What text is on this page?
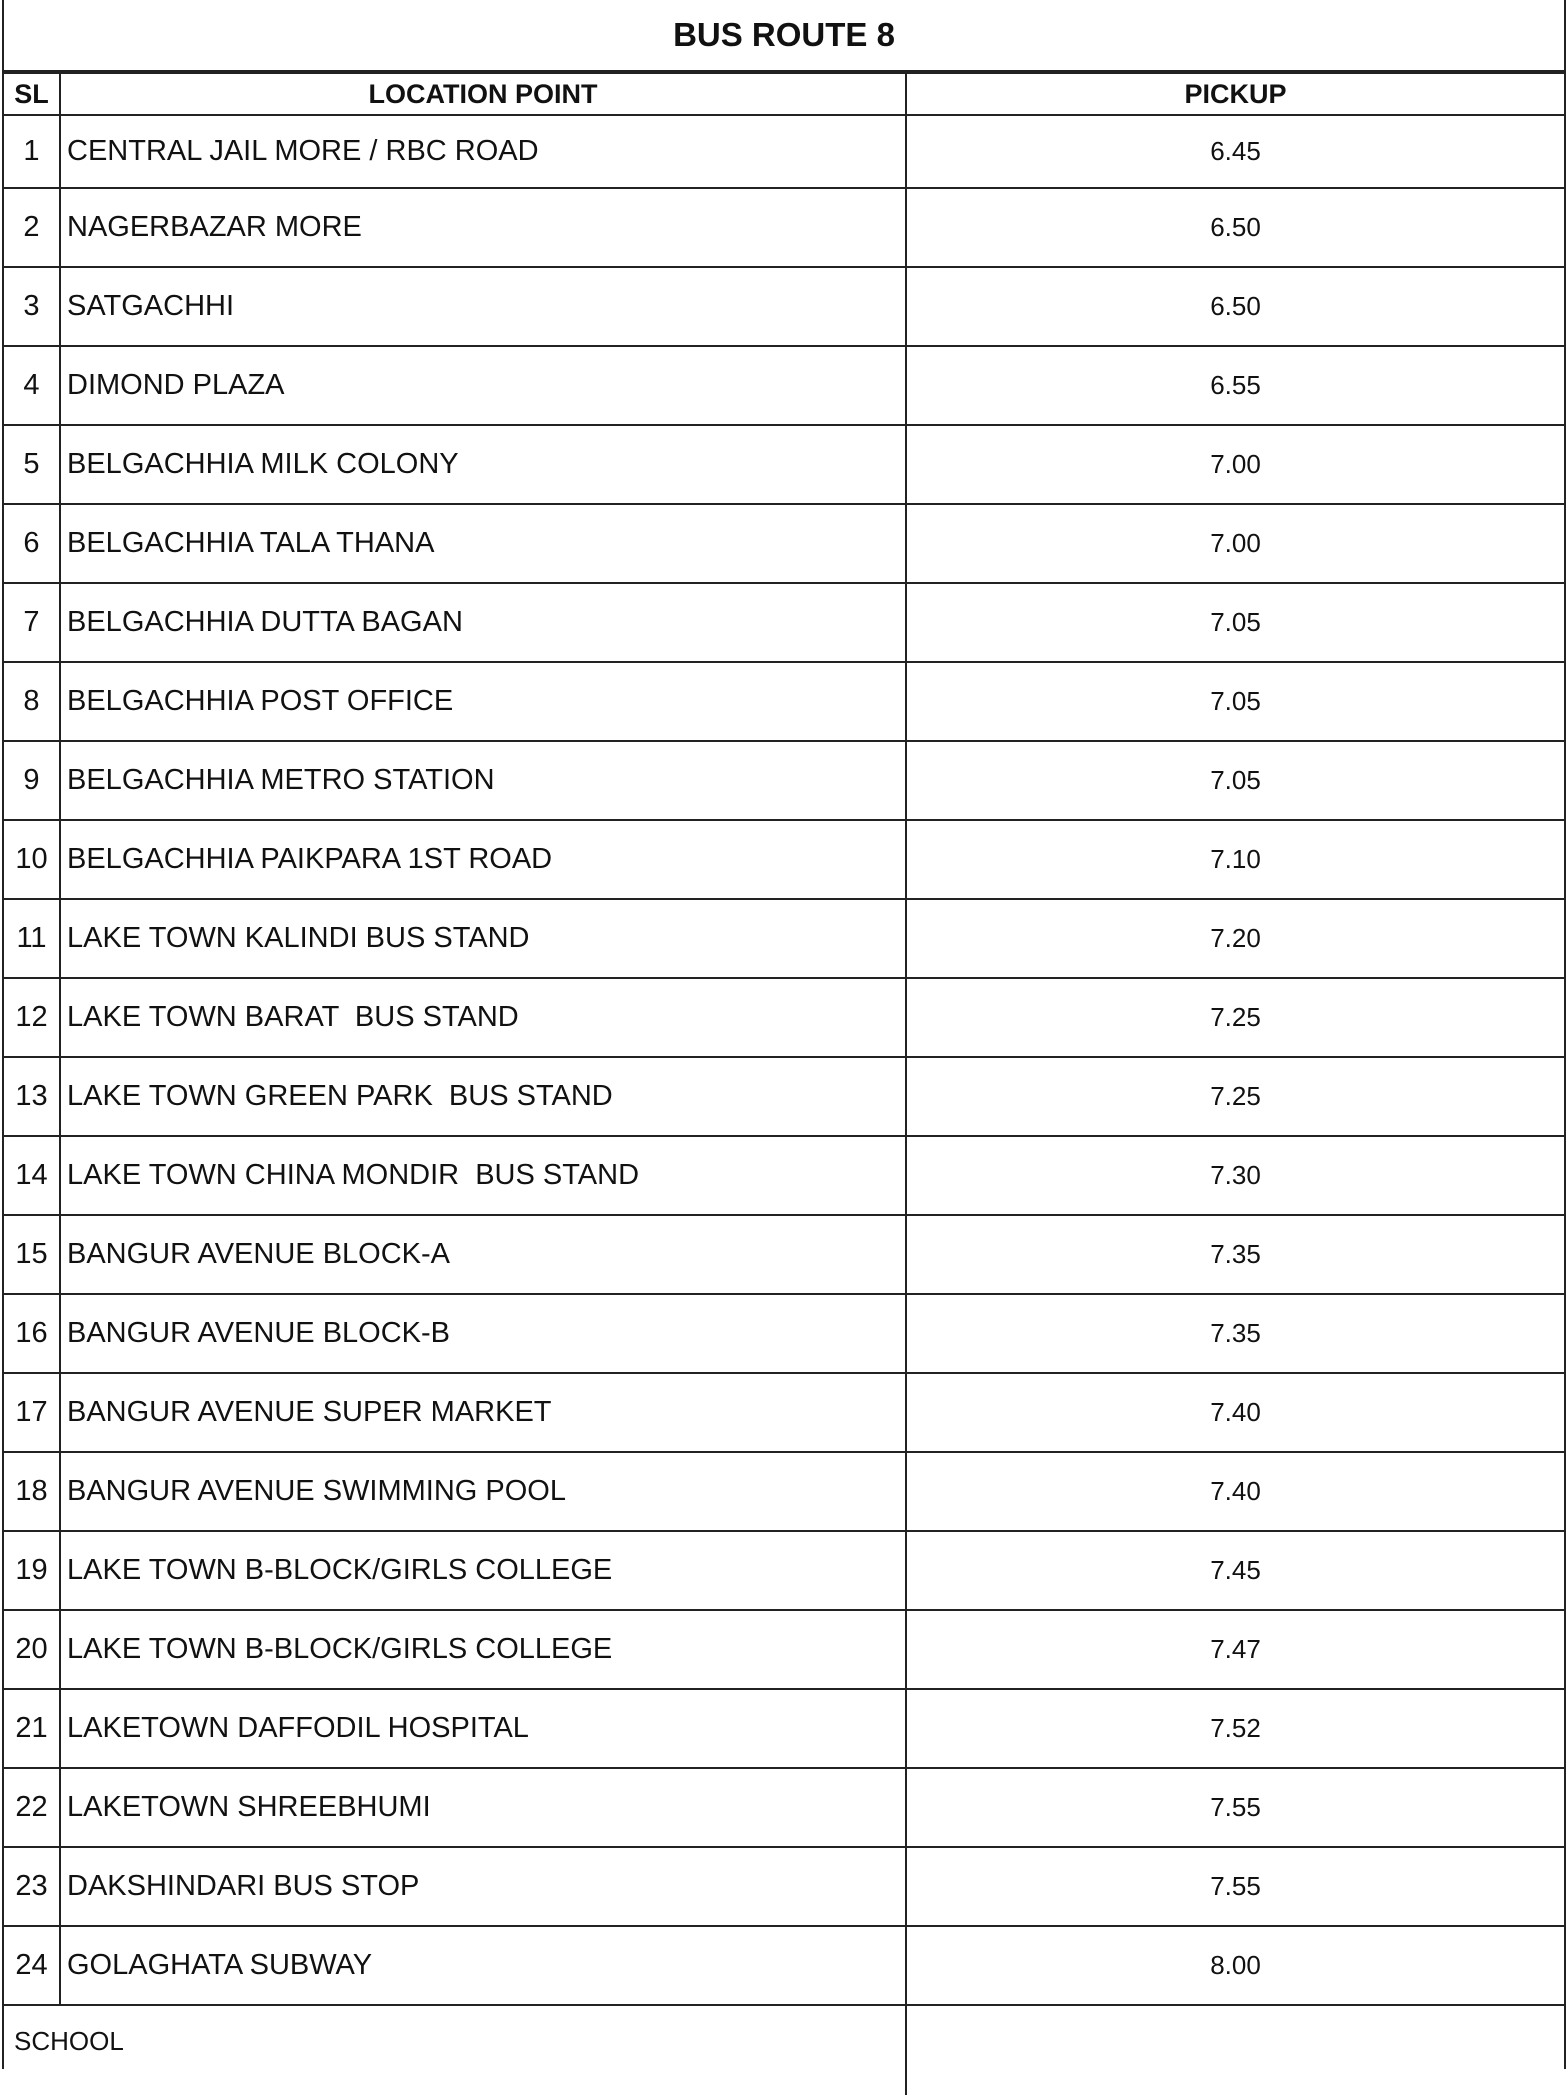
BUS ROUTE 8
SL	LOCATION POINT	PICKUP
1	CENTRAL JAIL MORE / RBC ROAD	6.45
2	NAGERBAZAR MORE	6.50
3	SATGACHHI	6.50
4	DIMOND PLAZA	6.55
5	BELGACHHIA MILK COLONY	7.00
6	BELGACHHIA TALA THANA	7.00
7	BELGACHHIA DUTTA BAGAN	7.05
8	BELGACHHIA POST OFFICE	7.05
9	BELGACHHIA METRO STATION	7.05
10	BELGACHHIA PAIKPARA 1ST ROAD	7.10
11	LAKE TOWN KALINDI BUS STAND	7.20
12	LAKE TOWN BARAT  BUS STAND	7.25
13	LAKE TOWN GREEN PARK  BUS STAND	7.25
14	LAKE TOWN CHINA MONDIR  BUS STAND	7.30
15	BANGUR AVENUE BLOCK-A	7.35
16	BANGUR AVENUE BLOCK-B	7.35
17	BANGUR AVENUE SUPER MARKET	7.40
18	BANGUR AVENUE SWIMMING POOL	7.40
19	LAKE TOWN B-BLOCK/GIRLS COLLEGE	7.45
20	LAKE TOWN B-BLOCK/GIRLS COLLEGE	7.47
21	LAKETOWN DAFFODIL HOSPITAL	7.52
22	LAKETOWN SHREEBHUMI	7.55
23	DAKSHINDARI BUS STOP	7.55
24	GOLAGHATA SUBWAY	8.00
SCHOOL		
